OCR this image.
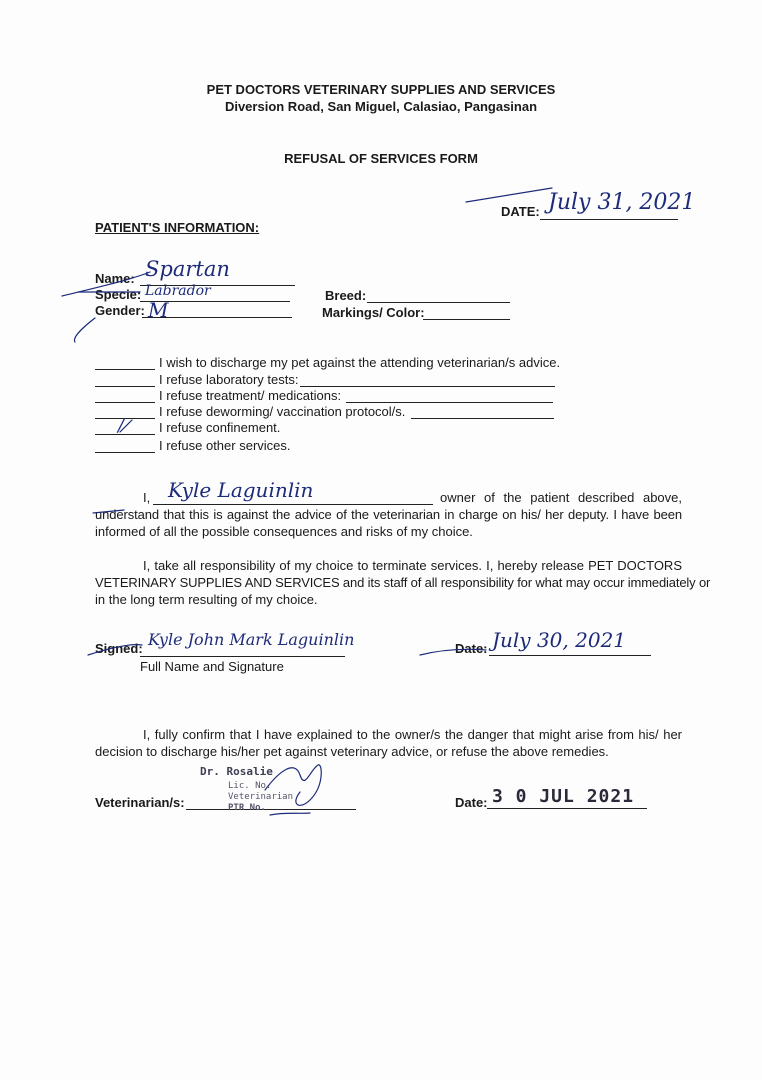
PET DOCTORS VETERINARY SUPPLIES AND SERVICES
Diversion Road, San Miguel, Calasiao, Pangasinan
REFUSAL OF SERVICES FORM
DATE: July 31, 2021
PATIENT'S INFORMATION:
Name: Spartan
Specie: Labrador
Gender: M
Breed:
Markings/ Color:
I wish to discharge my pet against the attending veterinarian/s advice.
I refuse laboratory tests:
I refuse treatment/ medications:
I refuse deworming/ vaccination protocol/s.
/	I refuse confinement.
I refuse other services.
I, Kyle Laguinlin	owner of the patient described above,
understand that this is against the advice of the veterinarian in charge on his/ her deputy. I have been
informed of all the possible consequences and risks of my choice.
I, take all responsibility of my choice to terminate services. I, hereby release PET DOCTORS
VETERINARY SUPPLIES AND SERVICES and its staff of all responsibility for what may occur immediately or
in the long term resulting of my choice.
Signed: Kyle John Mark Laguinlin
Full Name and Signature
Date: July 30, 2021
I, fully confirm that I have explained to the owner/s the danger that might arise from his/ her
decision to discharge his/her pet against veterinary advice, or refuse the above remedies.
Veterinarian/s:
Dr. Rosalie
Lic. No.
Veterinarian
PTR No.	Date: 3 0 JUL 2021
